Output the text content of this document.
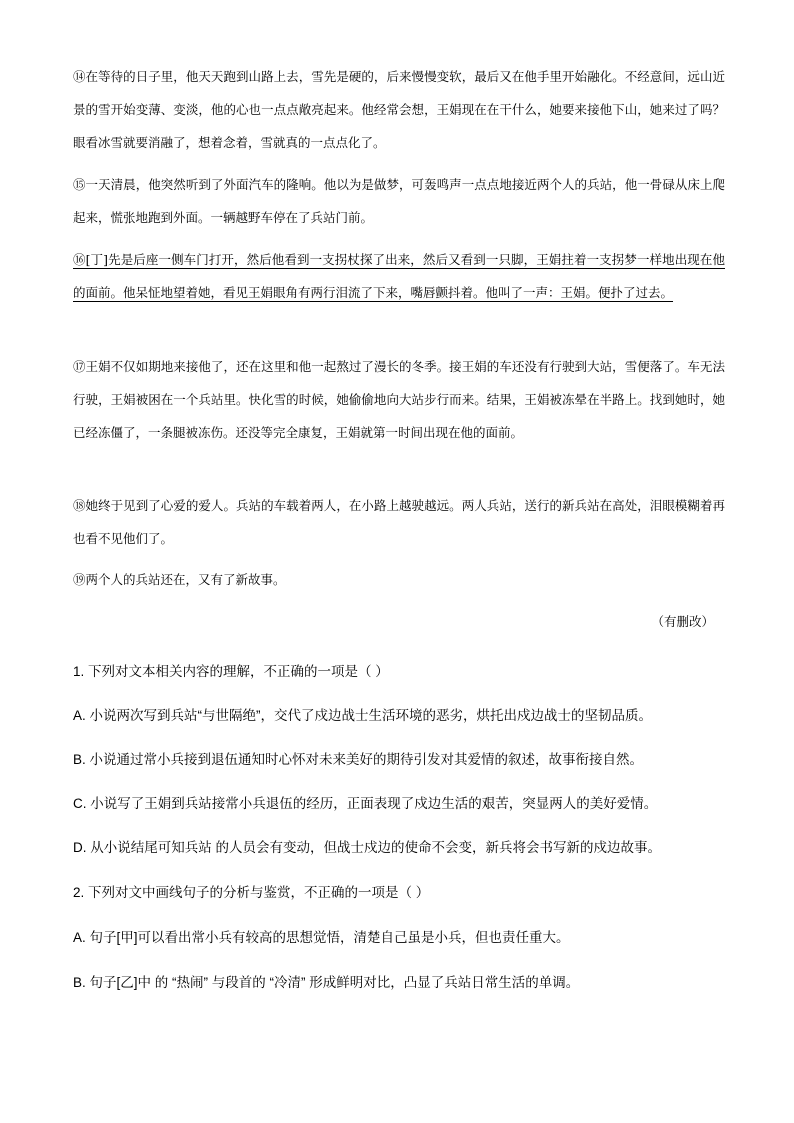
⑭在等待的日子里，他天天跑到山路上去，雪先是硬的，后来慢慢变软，最后又在他手里开始融化。不经意间，远山近景的雪开始变薄、变淡，他的心也一点点敞亮起来。他经常会想，王娟现在在干什么，她要来接他下山，她来过了吗？眼看冰雪就要消融了，想着念着，雪就真的一点点化了。
⑮一天清晨，他突然听到了外面汽车的隆响。他以为是做梦，可轰鸣声一点点地接近两个人的兵站，他一骨碌从床上爬起来，慌张地跑到外面。一辆越野车停在了兵站门前。
⑯[丁]先是后座一侧车门打开，然后他看到一支拐杖探了出来，然后又看到一只脚，王娟拄着一支拐梦一样地出现在他的面前。他呆怔地望着她，看见王娟眼角有两行泪流了下来，嘴唇颤抖着。他叫了一声：王娟。便扑了过去。
⑰王娟不仅如期地来接他了，还在这里和他一起熬过了漫长的冬季。接王娟的车还没有行驶到大站，雪便落了。车无法行驶，王娟被困在一个兵站里。快化雪的时候，她偷偷地向大站步行而来。结果，王娟被冻晕在半路上。找到她时，她已经冻僵了，一条腿被冻伤。还没等完全康复，王娟就第一时间出现在他的面前。
⑱她终于见到了心爱的爱人。兵站的车载着两人，在小路上越驶越远。两人兵站，送行的新兵站在高处，泪眼模糊着再也看不见他们了。
⑲两个人的兵站还在，又有了新故事。
（有删改）
1. 下列对文本相关内容的理解，不正确的一项是（ ）
A. 小说两次写到兵站“与世隔绝”，交代了戍边战士生活环境的恶劣，烘托出戍边战士的坚韧品质。
B. 小说通过常小兵接到退伍通知时心怀对未来美好的期待引发对其爱情的叙述，故事衔接自然。
C. 小说写了王娟到兵站接常小兵退伍的经历，正面表现了戍边生活的艰苦，突显两人的美好爱情。
D. 从小说结尾可知兵站 的人员会有变动，但战士戍边的使命不会变，新兵将会书写新的戍边故事。
2. 下列对文中画线句子的分析与鉴赏，不正确的一项是（ ）
A. 句子[甲]可以看出常小兵有较高的思想觉悟，清楚自己虽是小兵，但也责任重大。
B. 句子[乙]中 的 “热闹” 与段首的 “冷清” 形成鲜明对比，凸显了兵站日常生活的单调。
